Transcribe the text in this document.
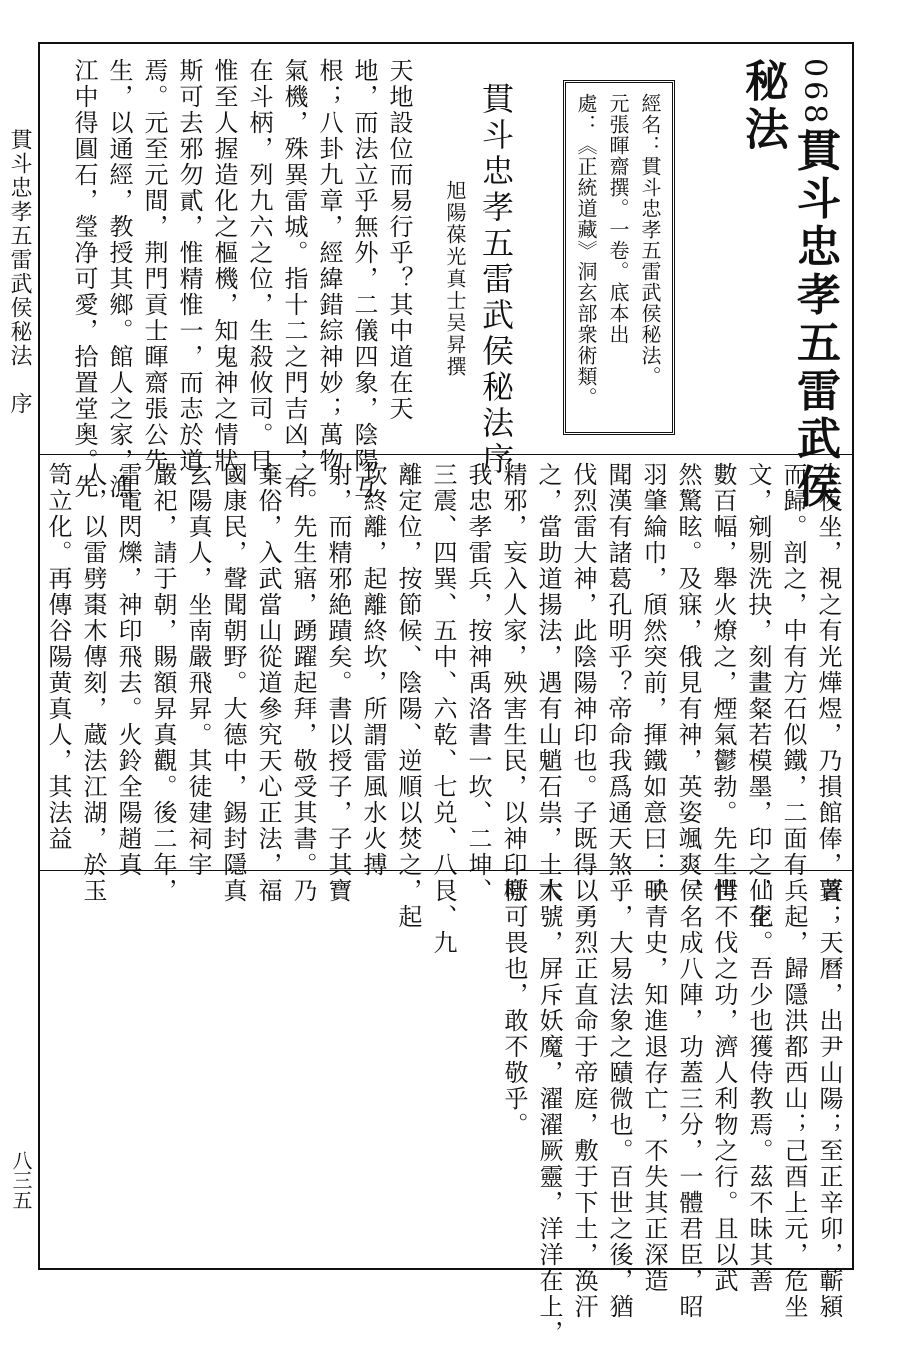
貫斗忠孝五雷武侯秘法　序
八三五
068貫斗忠孝五雷武侯
秘法
經名：貫斗忠孝五雷武侯秘法。
元張暉齋撰。一卷。底本出
處：《正統道藏》洞玄部衆術類。
貫斗忠孝五雷武侯秘法序
旭陽葆光真士吴昇撰
天地設位而易行乎？其中道在天
地，而法立乎無外，二儀四象，陰陽互
根；八卦九章，經緯錯綜神妙；萬物
氣機，殊異雷城。指十二之門吉凶，有
在斗柄，列九六之位，生殺攸司。日
惟至人握造化之樞機，知鬼神之情狀。
斯可去邪勿貳，惟精惟一，而志於道
焉。元至元間，荆門貢士暉齋張公先
生，以通經，教授其鄉。館人之家，漁
江中得圓石，瑩净可愛，拾置堂奥。先
生夜坐，視之有光燁煜，乃損館俸，賈
而歸。剖之，中有方石似鐵，二面有
文，剜剔洗抉，刻畫粲若模墨，印之，至
數百幅，舉火燎之，煙氣鬱勃。先生愕
然驚眩。及寐，俄見有神，英姿颯爽，
羽肇綸巾，頎然突前，揮鐵如意曰：子
聞漢有諸葛孔明乎？帝命我爲通天煞
伐烈雷大神，此陰陽神印也。子既得
之，當助道揚法，遇有山魈石祟，土木
精邪，妄入人家，殃害生民，以神印檄
我忠孝雷兵，按神禹洛書一坎、二坤、
三震、四巽、五中、六乾、七兑、八艮、九
離定位，按節候、陰陽、逆順以焚之，起
坎終離，起離終坎，所謂雷風水火搏
射，而精邪絶蹟矣。書以授子，子其寶
之。先生寤，踴躍起拜，敬受其書。乃
棄俗，入武當山從道參究天心正法，福
國康民，聲聞朝野。大德中，錫封隱真
玄陽真人，坐南嚴飛昇。其徒建祠宇
嚴祀，請于朝，賜額昇真觀。後二年，
雷電閃爍，神印飛去。火鈴全陽趙真
人，以雷劈棗木傳刻，蔵法江湖，於玉
笥立化。再傳谷陽黄真人，其法益
著；天曆，出尹山陽；至正辛卯，蘄潁
兵起，歸隱洪都西山；己酉上元，危坐
仙化。吾少也獲侍教焉。茲不昧其善
世不伐之功，濟人利物之行。且以武
侯名成八陣，功蓋三分，一體君臣，昭
映青史，知進退存亡，不失其正深造
乎，大易法象之賾微也。百世之後，猶
以勇烈正直命于帝庭，敷于下土，涣汗
大號，屏斥妖魔，濯濯厥靈，洋洋在上，
吁可畏也，敢不敬乎。
